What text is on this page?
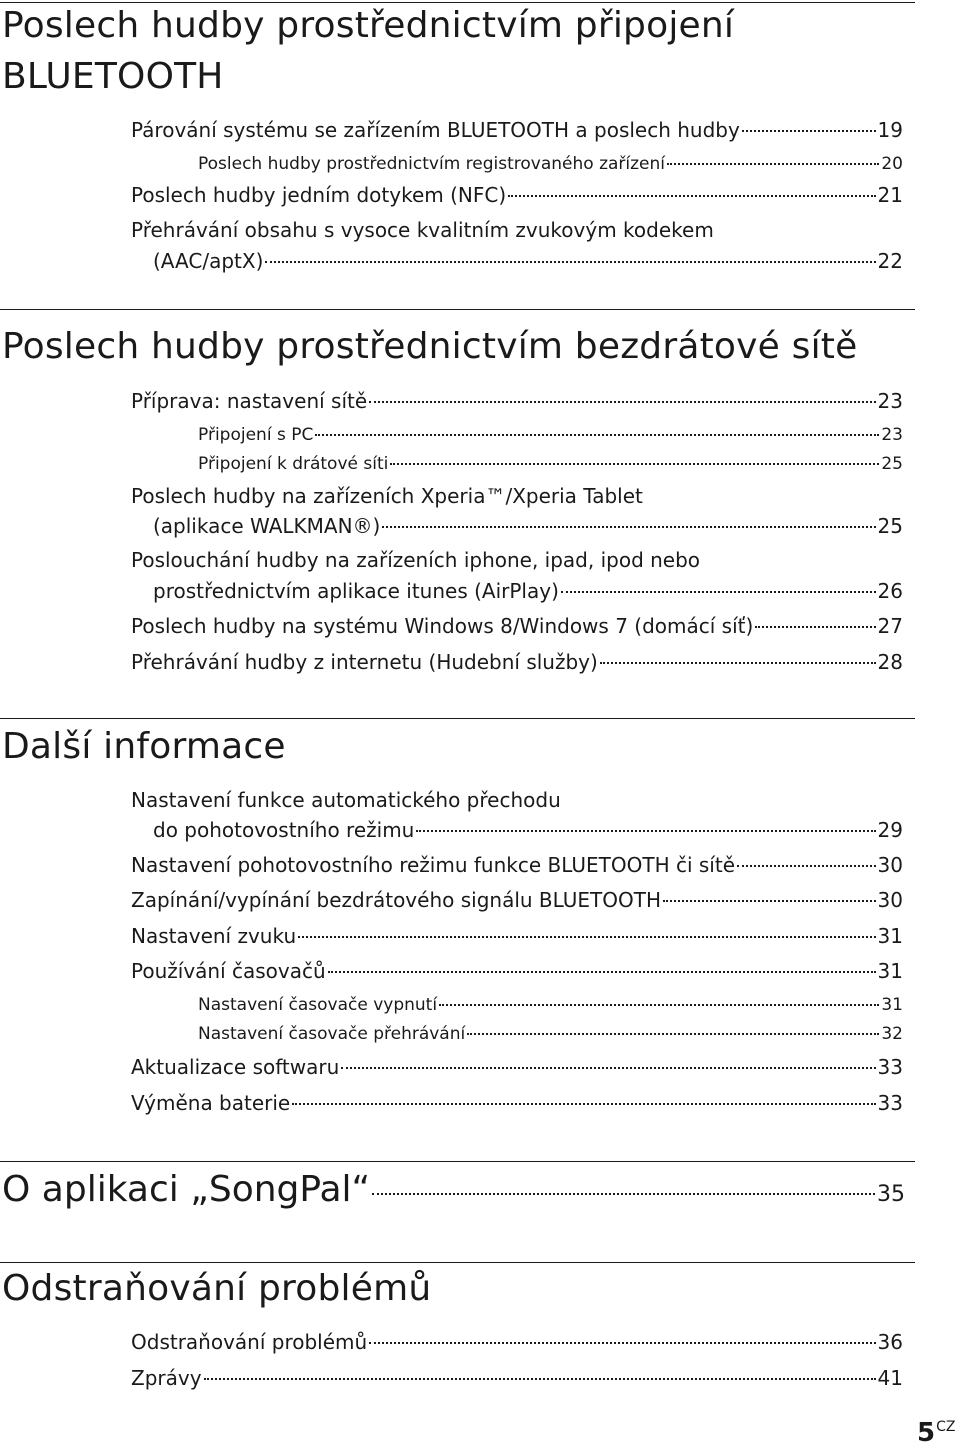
Poslech hudby prostřednictvím připojení
BLUETOOTH
Párování systému se zařízením BLUETOOTH a poslech hudby	19
Poslech hudby prostřednictvím registrovaného zařízení	20
Poslech hudby jedním dotykem (NFC)	21
Přehrávání obsahu s vysoce kvalitním zvukovým kodekem
(AAC/aptX)	22
Poslech hudby prostřednictvím bezdrátové sítě
Příprava: nastavení sítě	23
Připojení s PC	23
Připojení k drátové síti	25
Poslech hudby na zařízeních Xperia™/Xperia Tablet
(aplikace WALKMAN®)	25
Poslouchání hudby na zařízeních iphone, ipad, ipod nebo
prostřednictvím aplikace itunes (AirPlay)	26
Poslech hudby na systému Windows 8/Windows 7 (domácí síť)	27
Přehrávání hudby z internetu (Hudební služby)	28
Další informace
Nastavení funkce automatického přechodu
do pohotovostního režimu	29
Nastavení pohotovostního režimu funkce BLUETOOTH či sítě	30
Zapínání/vypínání bezdrátového signálu BLUETOOTH	30
Nastavení zvuku	31
Používání časovačů	31
Nastavení časovače vypnutí	31
Nastavení časovače přehrávání	32
Aktualizace softwaru	33
Výměna baterie	33
O aplikaci „SongPal“	35
Odstraňování problémů
Odstraňování problémů	36
Zprávy	41
$5^{CZ}$
